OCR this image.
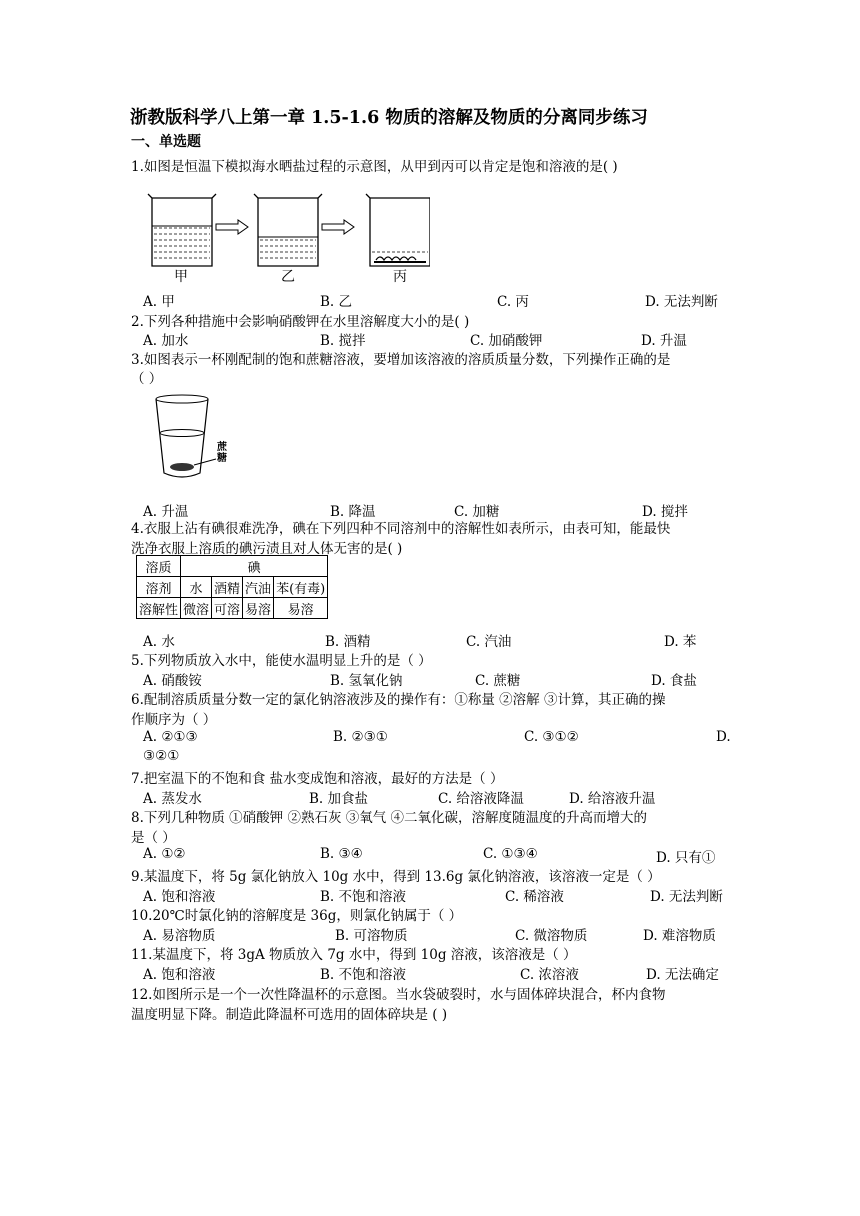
浙教版科学八上第一章 1.5-1.6 物质的溶解及物质的分离同步练习
一、单选题
1.如图是恒温下模拟海水晒盐过程的示意图，从甲到丙可以肯定是饱和溶液的是( )
甲	乙	丙
A. 甲	B. 乙	C. 丙	D. 无法判断
2.下列各种措施中会影响硝酸钾在水里溶解度大小的是( )
A. 加水	B. 搅拌	C. 加硝酸钾	D. 升温
3.如图表示一杯刚配制的饱和蔗糖溶液，要增加该溶液的溶质质量分数，下列操作正确的是
（ ）
蔗糖
A. 升温	B. 降温	C. 加糖	D. 搅拌
4.衣服上沾有碘很难洗净，碘在下列四种不同溶剂中的溶解性如表所示，由表可知，能最快
洗净衣服上溶质的碘污渍且对人体无害的是( )
溶质	碘			
溶剂	水	酒精	汽油	苯(有毒)
溶解性	微溶	可溶	易溶	易溶
A. 水	B. 酒精	C. 汽油	D. 苯
5.下列物质放入水中，能使水温明显上升的是（ ）
A. 硝酸铵	B. 氢氧化钠	C. 蔗糖	D. 食盐
6.配制溶质质量分数一定的氯化钠溶液涉及的操作有：①称量 ②溶解 ③计算，其正确的操
作顺序为（ ）
A. ②①③	B. ②③①	C. ③①②	D.
③②①
7.把室温下的不饱和食 盐水变成饱和溶液，最好的方法是（ ）
A. 蒸发水	B. 加食盐	C. 给溶液降温	D. 给溶液升温
8.下列几种物质 ①硝酸钾 ②熟石灰 ③氧气 ④二氧化碳，溶解度随温度的升高而增大的
是（ ）
A. ①②	B. ③④	C. ①③④	D. 只有①
9.某温度下，将 5g 氯化钠放入 10g 水中，得到 13.6g 氯化钠溶液，该溶液一定是（ ）
A. 饱和溶液	B. 不饱和溶液	C. 稀溶液	D. 无法判断
10.20℃时氯化钠的溶解度是 36g，则氯化钠属于（ ）
A. 易溶物质	B. 可溶物质	C. 微溶物质	D. 难溶物质
11.某温度下，将 3gA 物质放入 7g 水中，得到 10g 溶液，该溶液是（ ）
A. 饱和溶液	B. 不饱和溶液	C. 浓溶液	D. 无法确定
12.如图所示是一个一次性降温杯的示意图。当水袋破裂时，水与固体碎块混合，杯内食物
温度明显下降。制造此降温杯可选用的固体碎块是 ( )
